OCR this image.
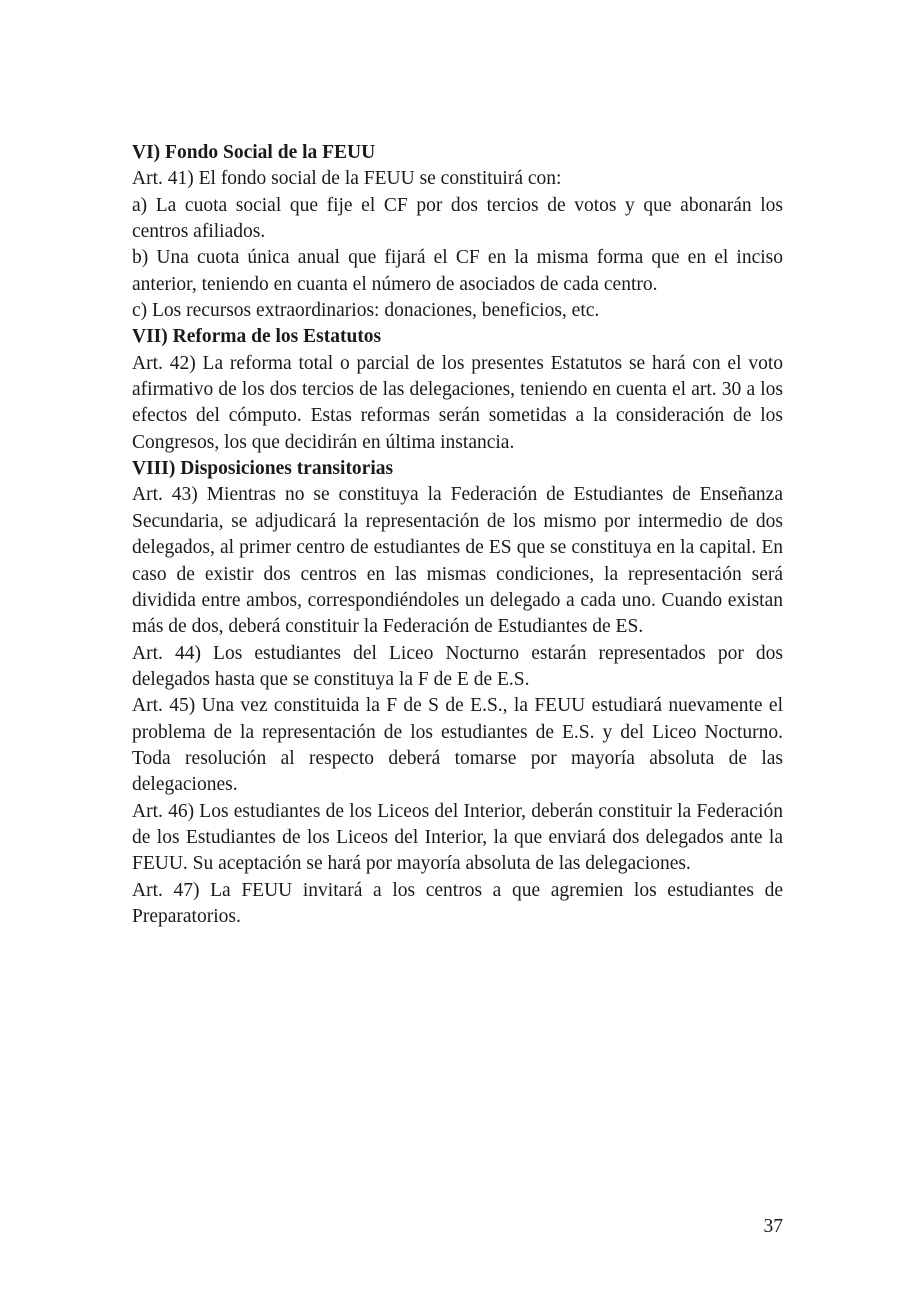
VI) Fondo Social de la FEUU

Art. 41) El fondo social de la FEUU se constituirá con:

a) La cuota social que fije el CF por dos tercios de votos y que abonarán los centros afiliados.

b) Una cuota única anual que fijará el CF en la misma forma que en el inciso anterior, teniendo en cuanta el número de asociados de cada centro.

c) Los recursos extraordinarios: donaciones, beneficios, etc.

VII) Reforma de los Estatutos

Art. 42) La reforma total o parcial de los presentes Estatutos se hará con el voto afirmativo de los dos tercios de las delegaciones, teniendo en cuenta el art. 30 a los efectos del cómputo. Estas reformas serán sometidas a la consideración de los Congresos, los que decidirán en última instancia.

VIII) Disposiciones transitorias

Art. 43) Mientras no se constituya la Federación de Estudiantes de Enseñanza Secundaria, se adjudicará la representación de los mismo por intermedio de dos delegados, al primer centro de estudiantes de ES que se constituya en la capital. En caso de existir dos centros en las mismas condiciones, la representación será dividida entre ambos, correspondiéndoles un delegado a cada uno. Cuando existan más de dos, deberá constituir la Federación de Estudiantes de ES.

Art. 44) Los estudiantes del Liceo Nocturno estarán representados por dos delegados hasta que se constituya la F de E de E.S.

Art. 45) Una vez constituida la F de S de E.S., la FEUU estudiará nuevamente el problema de la representación de los estudiantes de E.S. y del Liceo Nocturno. Toda resolución al respecto deberá tomarse por mayoría absoluta de las delegaciones.

Art. 46) Los estudiantes de los Liceos del Interior, deberán constituir la Federación de los Estudiantes de los Liceos del Interior, la que enviará dos delegados ante la FEUU. Su aceptación se hará por mayoría absoluta de las delegaciones.

Art. 47) La FEUU invitará a los centros a que agremien los estudiantes de Preparatorios.

37
